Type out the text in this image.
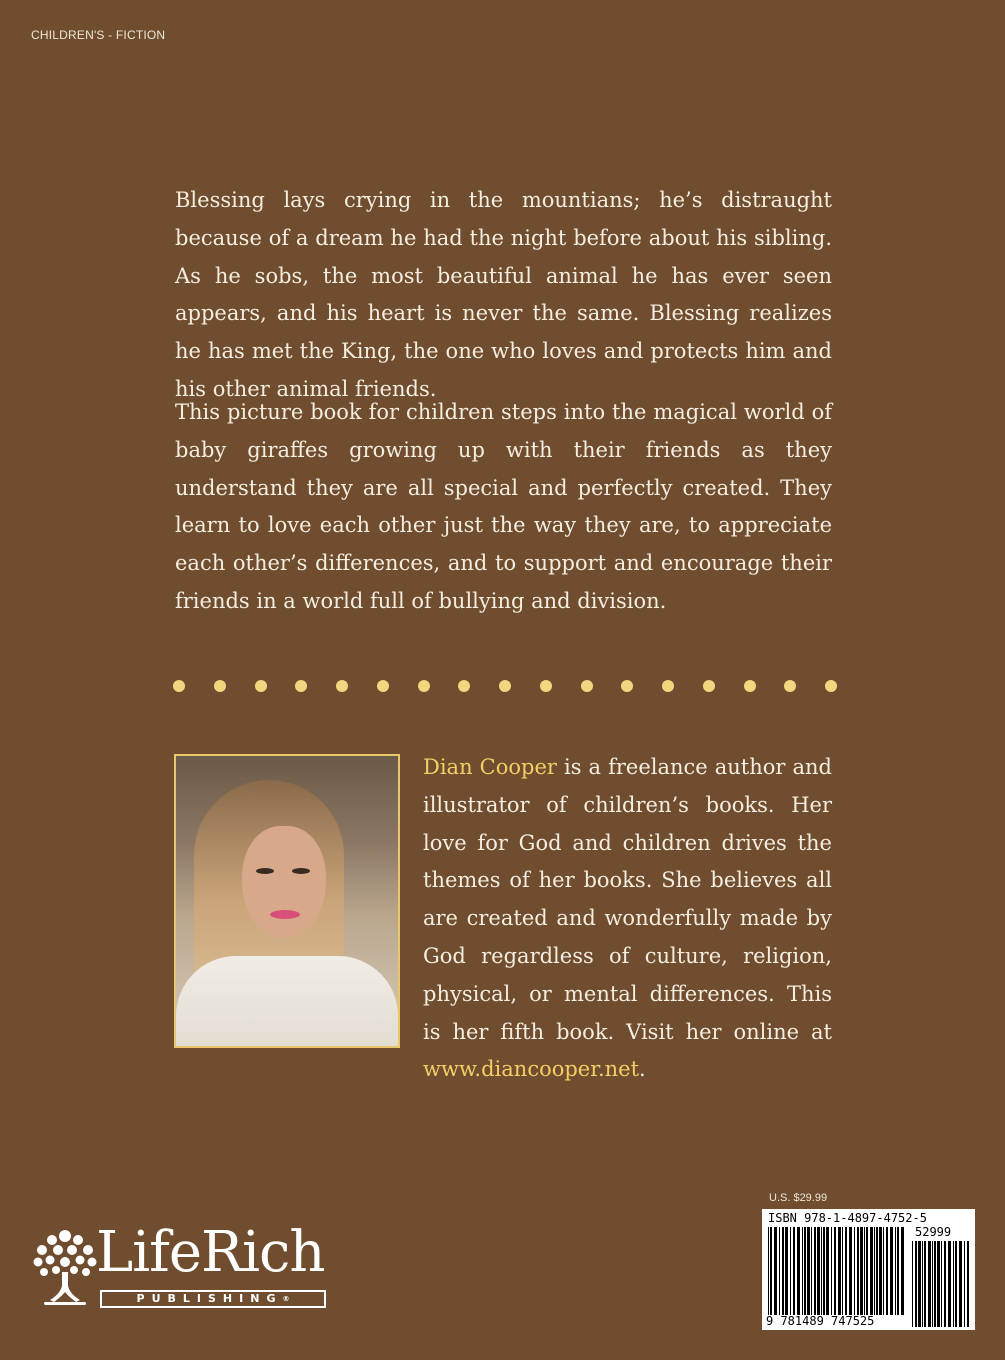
CHILDREN'S - FICTION

Blessing lays crying in the mountians; he’s distraught because of a dream he had the night before about his sibling. As he sobs, the most beautiful animal he has ever seen appears, and his heart is never the same. Blessing realizes he has met the King, the one who loves and protects him and his other animal friends.

This picture book for children steps into the magical world of baby giraffes growing up with their friends as they understand they are all special and perfectly created. They learn to love each other just the way they are, to appreciate each other’s differences, and to support and encourage their friends in a world full of bullying and division.

Dian Cooper is a freelance author and illustrator of children’s books. Her love for God and children drives the themes of her books. She believes all are created and wonderfully made by God regardless of culture, religion, physical, or mental differences. This is her fifth book. Visit her online at www.diancooper.net.

LifeRich
PUBLISHING®
U.S. $29.99
ISBN 978-1-4897-4752-5
52999
9 781489 747525
